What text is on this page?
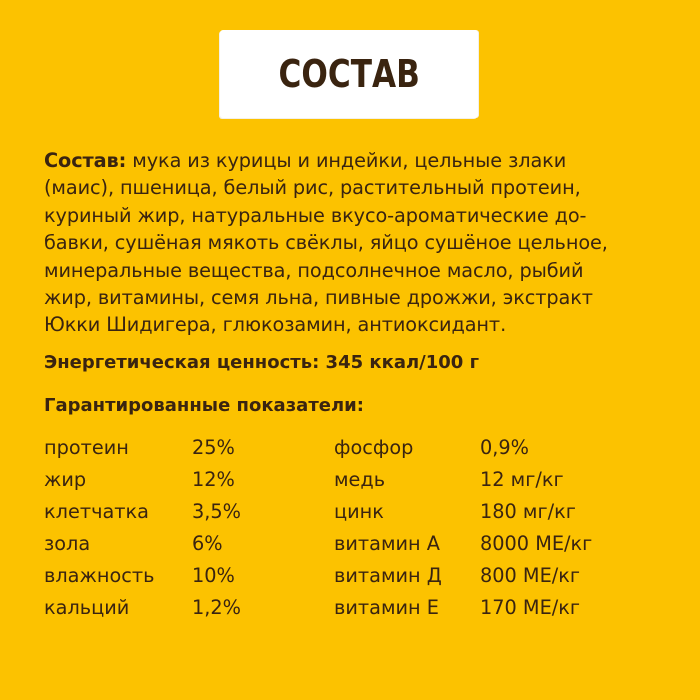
СОСТАВ

Состав: мука из курицы и индейки, цельные злаки
(маис), пшеница, белый рис, растительный протеин,
куриный жир, натуральные вкусо-ароматические до-
бавки, сушёная мякоть свёклы, яйцо сушёное цельное,
минеральные вещества, подсолнечное масло, рыбий
жир, витамины, семя льна, пивные дрожжи, экстракт
Юкки Шидигера, глюкозамин, антиоксидант.

Энергетическая ценность: 345 ккал/100 г
Гарантированные показатели:
протеин	25%	фосфор	0,9%
жир	12%	медь	12 мг/кг
клетчатка 3,5%	цинк	180 мг/кг
зола	6%	витамин А 8000 МЕ/кг
влажность 10%	витамин Д 800 МЕ/кг
кальций	1,2%	витамин Е 170 МЕ/кг
